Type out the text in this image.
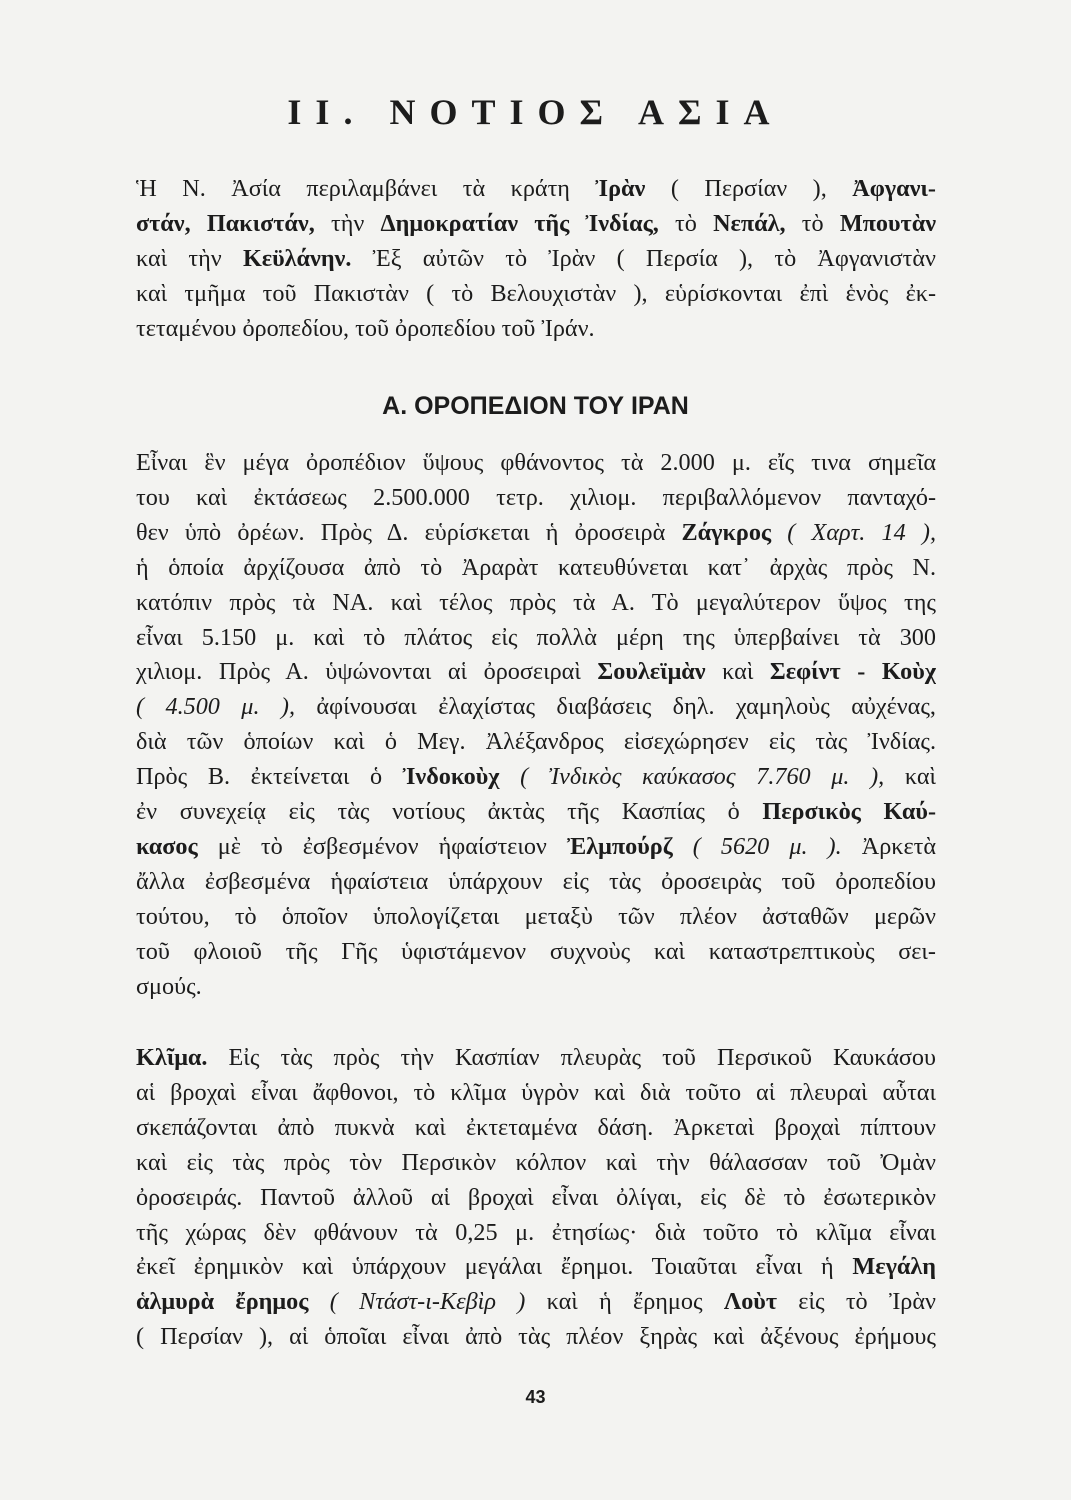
ΙΙ. ΝΟΤΙΟΣ ΑΣΙΑ
Ἡ Ν. Ἀσία περιλαμβάνει τὰ κράτη Ἰρὰν ( Περσίαν ), Ἀφγανι-
στάν, Πακιστάν, τὴν Δημοκρατίαν τῆς Ἰνδίας, τὸ Νεπάλ, τὸ Μπουτὰν
καὶ τὴν Κεϋλάνην. Ἐξ αὐτῶν τὸ Ἰρὰν ( Περσία ), τὸ Ἀφγανιστὰν
καὶ τμῆμα τοῦ Πακιστὰν ( τὸ Βελουχιστὰν ), εὑρίσκονται ἐπὶ ἑνὸς ἐκ-
τεταμένου ὀροπεδίου, τοῦ ὀροπεδίου τοῦ Ἰράν.
Α. ΟΡΟΠΕΔΙΟΝ ΤΟΥ ΙΡΑΝ
Εἶναι ἓν μέγα ὀροπέδιον ὕψους φθάνοντος τὰ 2.000 μ. εἴς τινα σημεῖα
του καὶ ἐκτάσεως 2.500.000 τετρ. χιλιομ. περιβαλλόμενον πανταχό-
θεν ὑπὸ ὀρέων. Πρὸς Δ. εὑρίσκεται ἡ ὀροσειρὰ Ζάγκρος ( Χαρτ. 14 ),
ἡ ὁποία ἀρχίζουσα ἀπὸ τὸ Ἀραρὰτ κατευθύνεται κατ᾽ ἀρχὰς πρὸς Ν.
κατόπιν πρὸς τὰ ΝΑ. καὶ τέλος πρὸς τὰ Α. Τὸ μεγαλύτερον ὕψος της
εἶναι 5.150 μ. καὶ τὸ πλάτος εἰς πολλὰ μέρη της ὑπερβαίνει τὰ 300
χιλιομ. Πρὸς Α. ὑψώνονται αἱ ὀροσειραὶ Σουλεϊμὰν καὶ Σεφίντ - Κοὺχ
( 4.500 μ. ), ἀφίνουσαι ἐλαχίστας διαβάσεις δηλ. χαμηλοὺς αὐχένας,
διὰ τῶν ὁποίων καὶ ὁ Μεγ. Ἀλέξανδρος εἰσεχώρησεν εἰς τὰς Ἰνδίας.
Πρὸς Β. ἐκτείνεται ὁ Ἰνδοκοὺχ ( Ἰνδικὸς καύκασος 7.760 μ. ), καὶ
ἐν συνεχείᾳ εἰς τὰς νοτίους ἀκτὰς τῆς Κασπίας ὁ Περσικὸς Καύ-
κασος μὲ τὸ ἐσβεσμένον ἡφαίστειον Ἐλμπούρζ ( 5620 μ. ). Ἀρκετὰ
ἄλλα ἐσβεσμένα ἡφαίστεια ὑπάρχουν εἰς τὰς ὀροσειρὰς τοῦ ὀροπεδίου
τούτου, τὸ ὁποῖον ὑπολογίζεται μεταξὺ τῶν πλέον ἀσταθῶν μερῶν
τοῦ φλοιοῦ τῆς Γῆς ὑφιστάμενον συχνοὺς καὶ καταστρεπτικοὺς σει-
σμούς.
Κλῖμα. Εἰς τὰς πρὸς τὴν Κασπίαν πλευρὰς τοῦ Περσικοῦ Καυκάσου
αἱ βροχαὶ εἶναι ἄφθονοι, τὸ κλῖμα ὑγρὸν καὶ διὰ τοῦτο αἱ πλευραὶ αὗται
σκεπάζονται ἀπὸ πυκνὰ καὶ ἐκτεταμένα δάση. Ἀρκεταὶ βροχαὶ πίπτουν
καὶ εἰς τὰς πρὸς τὸν Περσικὸν κόλπον καὶ τὴν θάλασσαν τοῦ Ὀμὰν
ὀροσειράς. Παντοῦ ἀλλοῦ αἱ βροχαὶ εἶναι ὀλίγαι, εἰς δὲ τὸ ἐσωτερικὸν
τῆς χώρας δὲν φθάνουν τὰ 0,25 μ. ἐτησίως· διὰ τοῦτο τὸ κλῖμα εἶναι
ἐκεῖ ἐρημικὸν καὶ ὑπάρχουν μεγάλαι ἔρημοι. Τοιαῦται εἶναι ἡ Μεγάλη
ἁλμυρὰ ἔρημος ( Ντάστ-ι-Κεβὶρ ) καὶ ἡ ἔρημος Λοὺτ εἰς τὸ Ἰρὰν
( Περσίαν ), αἱ ὁποῖαι εἶναι ἀπὸ τὰς πλέον ξηρὰς καὶ ἀξένους ἐρήμους
43
